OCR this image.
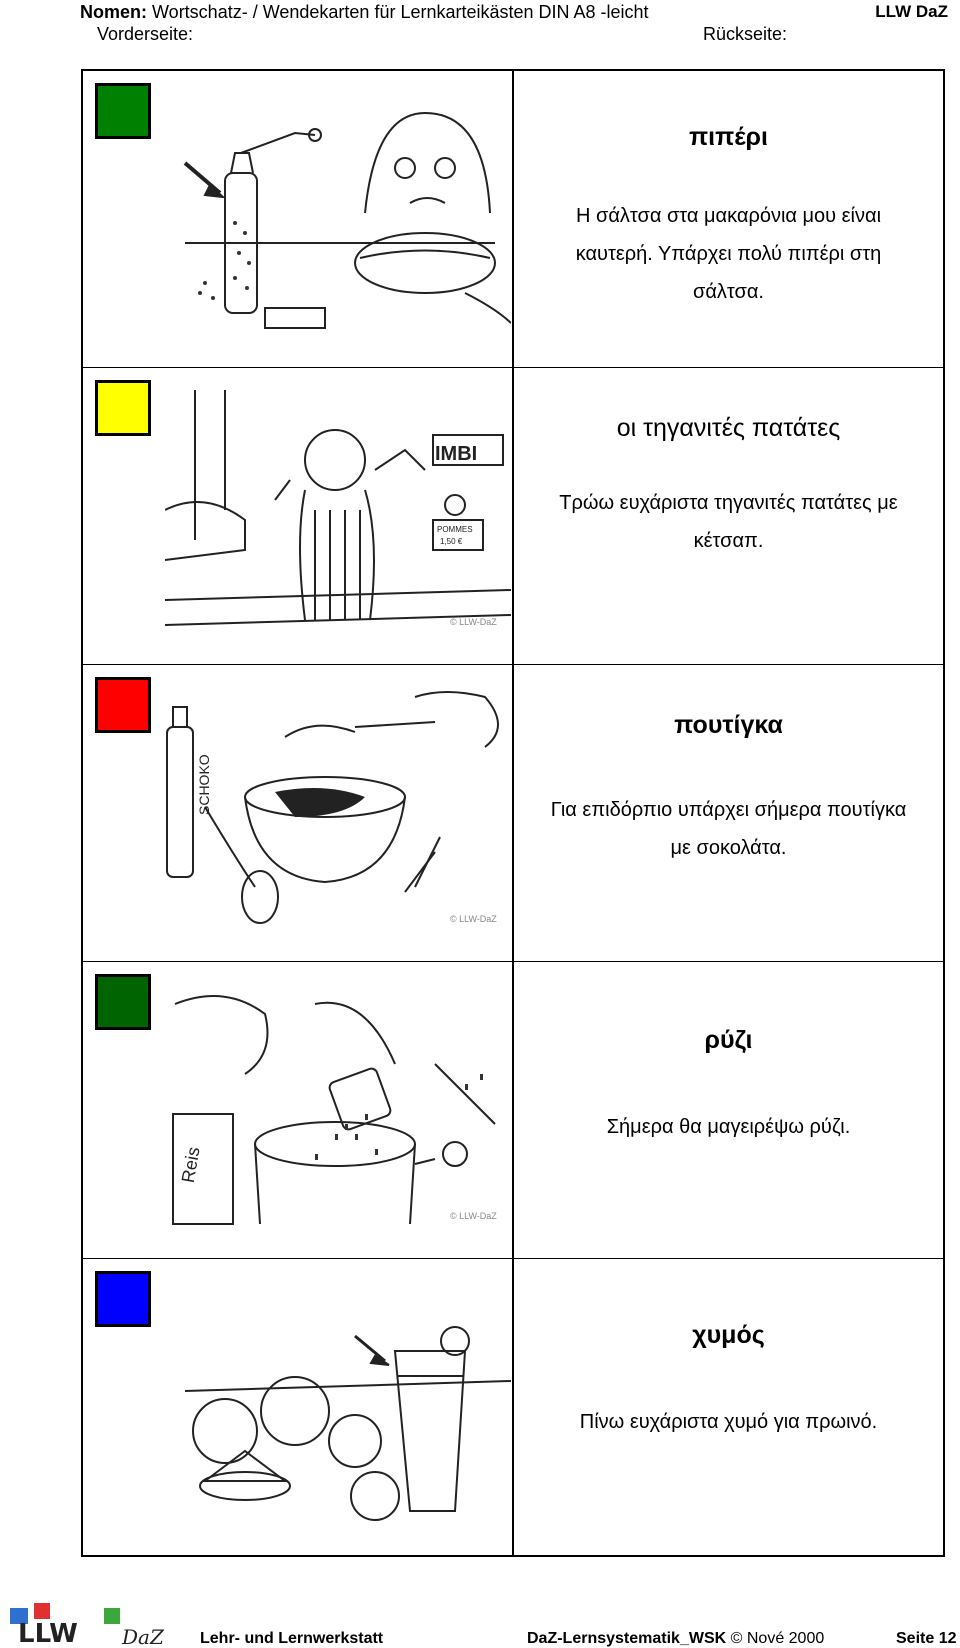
Nomen: Wortschatz- / Wendekarten für Lernkarteikästen DIN A8 -leicht	LLW DaZ
Vorderseite:	Rückseite:
πιπέρι
Η σάλτσα στα μακαρόνια μου είναι
καυτερή. Υπάρχει πολύ πιπέρι στη
σάλτσα.
IMBI
POMMES
1,50 €
© LLW-DaZ
οι τηγανιτές πατάτες
Τρώω ευχάριστα τηγανιτές πατάτες με
κέτσαπ.
SCHOKO
© LLW-DaZ
πουτίγκα
Για επιδόρπιο υπάρχει σήμερα πουτίγκα
με σοκολάτα.
Reis
© LLW-DaZ
ρύζι
Σήμερα θα μαγειρέψω ρύζι.
χυμός
Πίνω ευχάριστα χυμό για πρωινό.
LLW DaZ Lehr- und Lernwerkstatt	DaZ-Lernsystematik_WSK © Nové 2000	Seite 12
